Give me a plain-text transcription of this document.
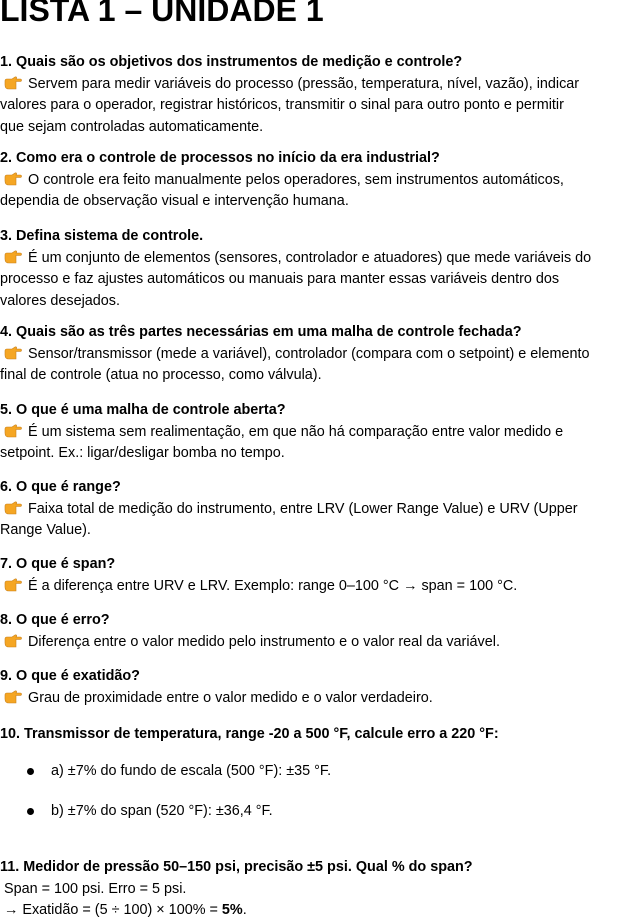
LISTA 1 – UNIDADE 1

1. Quais são os objetivos dos instrumentos de medição e controle?

Servem para medir variáveis do processo (pressão, temperatura, nível, vazão), indicar

valores para o operador, registrar históricos, transmitir o sinal para outro ponto e permitir

que sejam controladas automaticamente.

2. Como era o controle de processos no início da era industrial?

O controle era feito manualmente pelos operadores, sem instrumentos automáticos,

dependia de observação visual e intervenção humana.

3. Defina sistema de controle.

É um conjunto de elementos (sensores, controlador e atuadores) que mede variáveis do

processo e faz ajustes automáticos ou manuais para manter essas variáveis dentro dos

valores desejados.

4. Quais são as três partes necessárias em uma malha de controle fechada?

Sensor/transmissor (mede a variável), controlador (compara com o setpoint) e elemento

final de controle (atua no processo, como válvula).

5. O que é uma malha de controle aberta?

É um sistema sem realimentação, em que não há comparação entre valor medido e

setpoint. Ex.: ligar/desligar bomba no tempo.

6. O que é range?

Faixa total de medição do instrumento, entre LRV (Lower Range Value) e URV (Upper

Range Value).

7. O que é span?

É a diferença entre URV e LRV. Exemplo: range 0–100 °C → span = 100 °C.

8. O que é erro?

Diferença entre o valor medido pelo instrumento e o valor real da variável.

9. O que é exatidão?

Grau de proximidade entre o valor medido e o valor verdadeiro.

10. Transmissor de temperatura, range -20 a 500 °F, calcule erro a 220 °F:

a) ±7% do fundo de escala (500 °F): ±35 °F.
b) ±7% do span (520 °F): ±36,4 °F.

11. Medidor de pressão 50–150 psi, precisão ±5 psi. Qual % do span?

Span = 100 psi. Erro = 5 psi.

→ Exatidão = (5 ÷ 100) × 100% = 5%.
